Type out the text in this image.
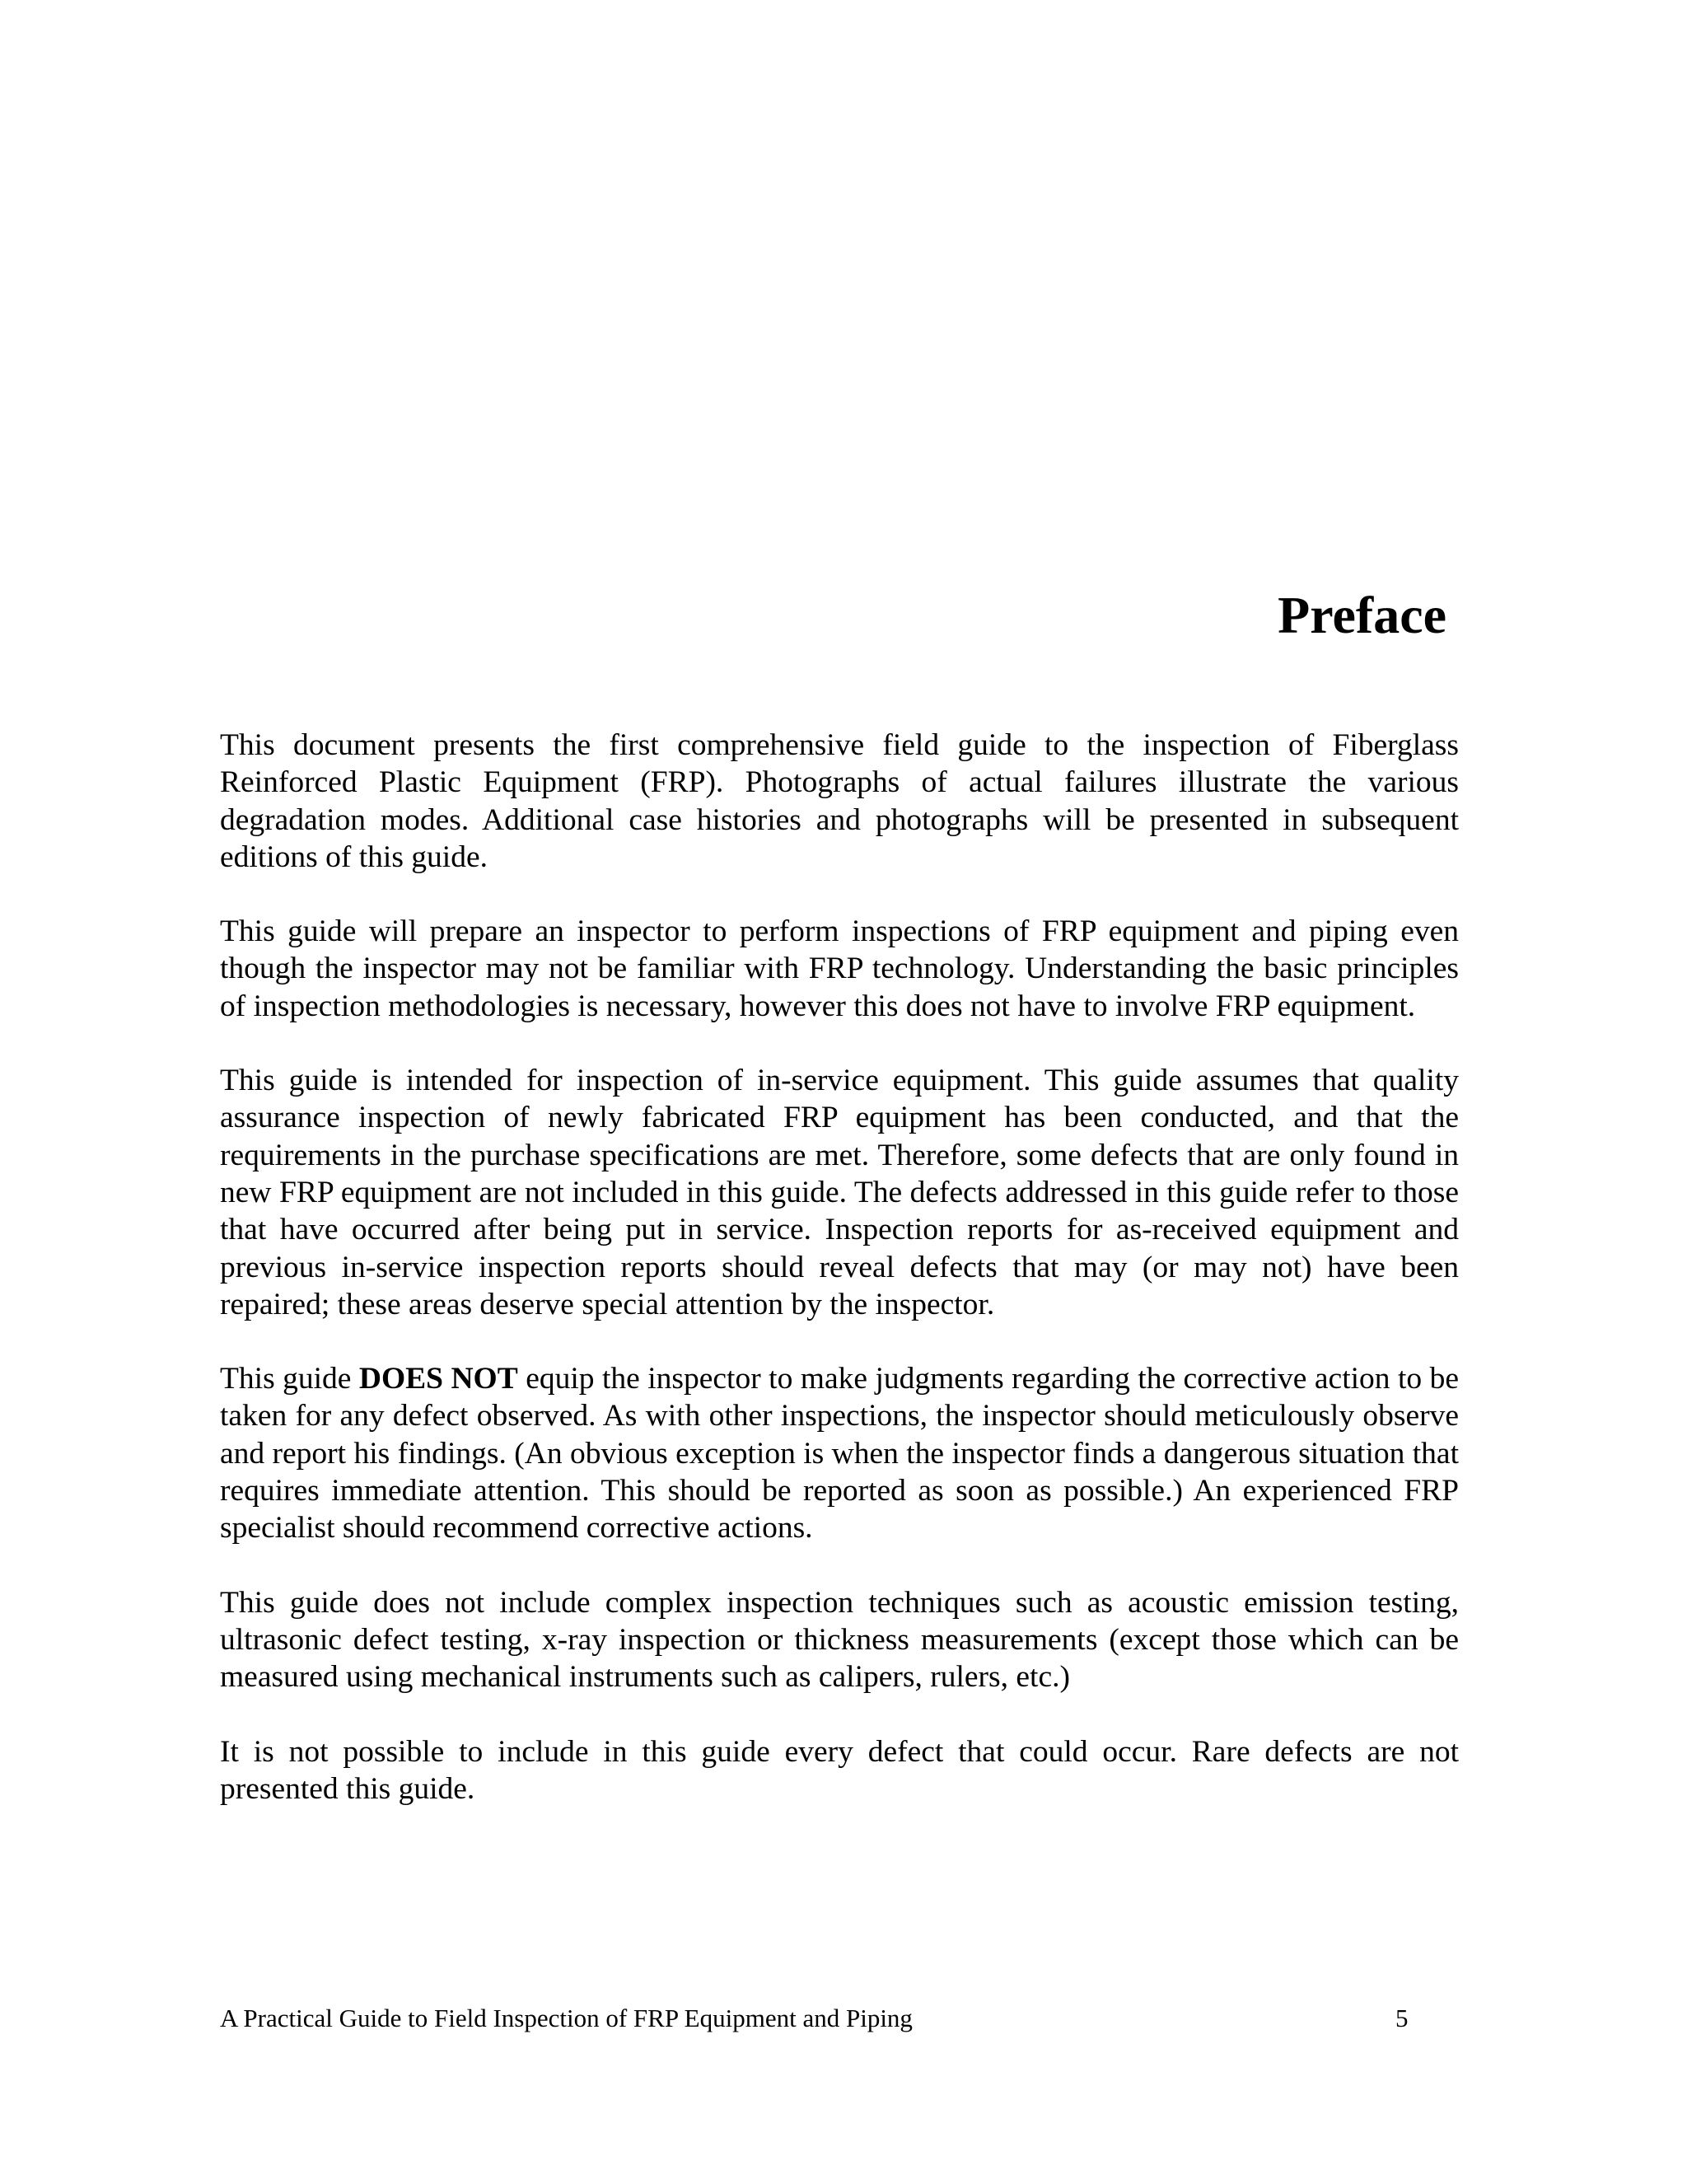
Preface

This document presents the first comprehensive field guide to the inspection of Fiberglass Reinforced Plastic Equipment (FRP). Photographs of actual failures illustrate the various degradation modes. Additional case histories and photographs will be presented in subsequent editions of this guide.

This guide will prepare an inspector to perform inspections of FRP equipment and piping even though the inspector may not be familiar with FRP technology. Understanding the basic principles of inspection methodologies is necessary, however this does not have to involve FRP equipment.

This guide is intended for inspection of in-service equipment. This guide assumes that quality assurance inspection of newly fabricated FRP equipment has been conducted, and that the requirements in the purchase specifications are met. Therefore, some defects that are only found in new FRP equipment are not included in this guide. The defects addressed in this guide refer to those that have occurred after being put in service. Inspection reports for as-received equipment and previous in-service inspection reports should reveal defects that may (or may not) have been repaired; these areas deserve special attention by the inspector.

This guide DOES NOT equip the inspector to make judgments regarding the corrective action to be taken for any defect observed. As with other inspections, the inspector should meticulously observe and report his findings. (An obvious exception is when the inspector finds a dangerous situation that requires immediate attention. This should be reported as soon as possible.) An experienced FRP specialist should recommend corrective actions.

This guide does not include complex inspection techniques such as acoustic emission testing, ultrasonic defect testing, x-ray inspection or thickness measurements (except those which can be measured using mechanical instruments such as calipers, rulers, etc.)

It is not possible to include in this guide every defect that could occur. Rare defects are not presented this guide.

A Practical Guide to Field Inspection of FRP Equipment and Piping	5
